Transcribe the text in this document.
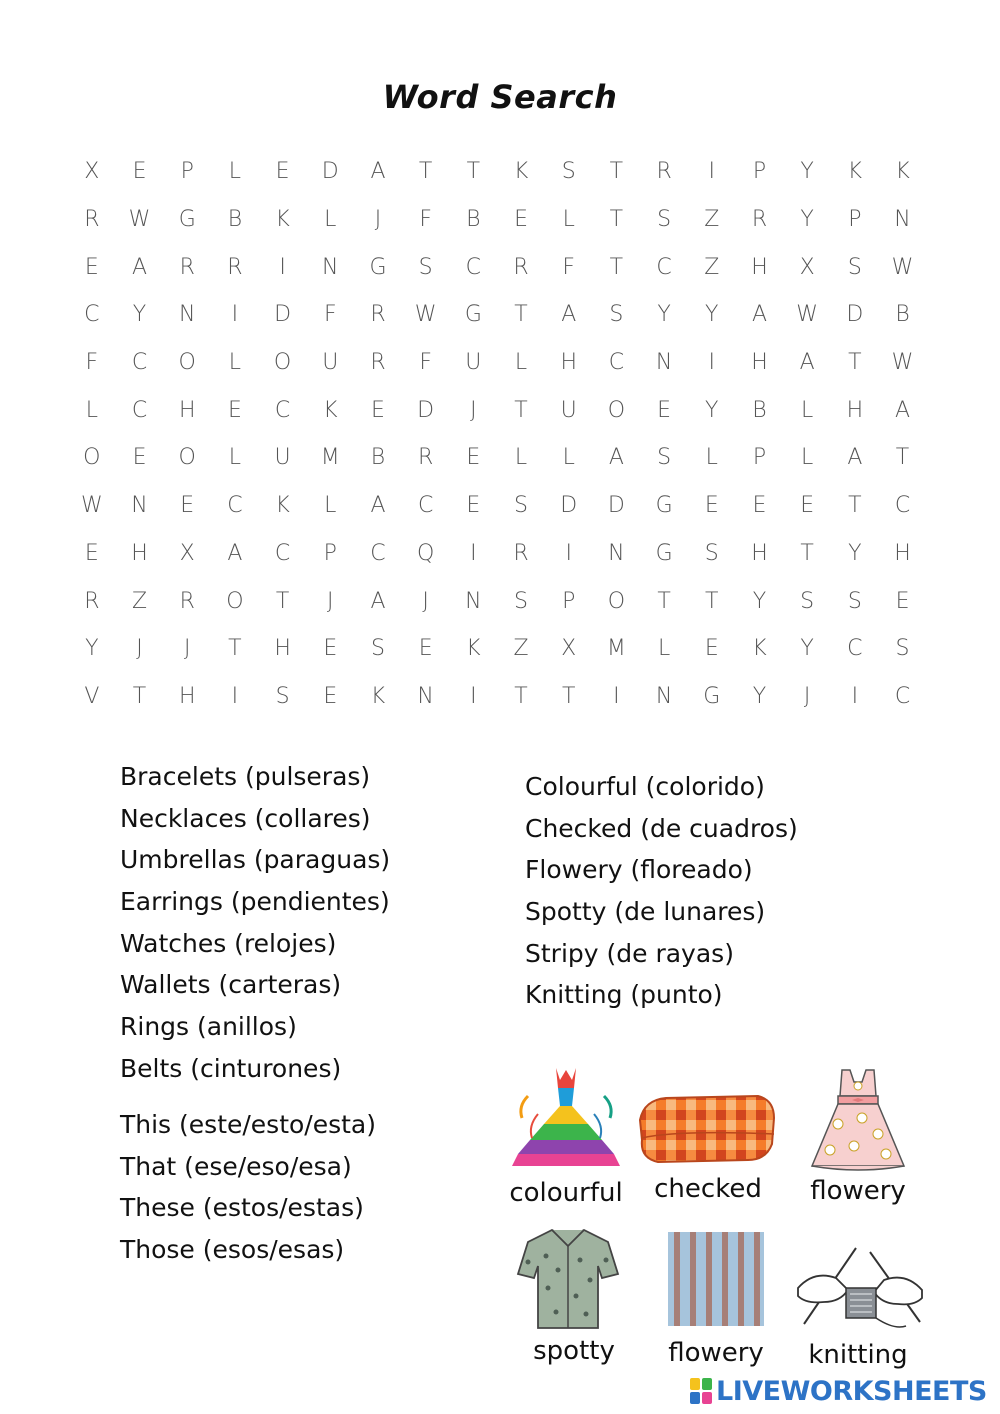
Word Search
X	E	P	L	E	D	A	T	T	K	S	T	R	I	P	Y	K	K
R	W	G	B	K	L	J	F	B	E	L	T	S	Z	R	Y	P	N
E	A	R	R	I	N	G	S	C	R	F	T	C	Z	H	X	S	W
C	Y	N	I	D	F	R	W	G	T	A	S	Y	Y	A	W	D	B
F	C	O	L	O	U	R	F	U	L	H	C	N	I	H	A	T	W
L	C	H	E	C	K	E	D	J	T	U	O	E	Y	B	L	H	A
O	E	O	L	U	M	B	R	E	L	L	A	S	L	P	L	A	T
W	N	E	C	K	L	A	C	E	S	D	D	G	E	E	E	T	C
E	H	X	A	C	P	C	Q	I	R	I	N	G	S	H	T	Y	H
R	Z	R	O	T	J	A	J	N	S	P	O	T	T	Y	S	S	E
Y	J	J	T	H	E	S	E	K	Z	X	M	L	E	K	Y	C	S
V	T	H	I	S	E	K	N	I	T	T	I	N	G	Y	J	I	C
Bracelets (pulseras)
Necklaces (collares)
Umbrellas (paraguas)
Earrings (pendientes)
Watches (relojes)
Wallets (carteras)
Rings (anillos)
Belts (cinturones)
This (este/esto/esta)
That (ese/eso/esa)
These (estos/estas)
Those (esos/esas)
Colourful (colorido)
Checked (de cuadros)
Flowery (floreado)
Spotty (de lunares)
Stripy (de rayas)
Knitting (punto)
colourful	checked	flowery
spotty	flowery	knitting
LIVEWORKSHEETS
